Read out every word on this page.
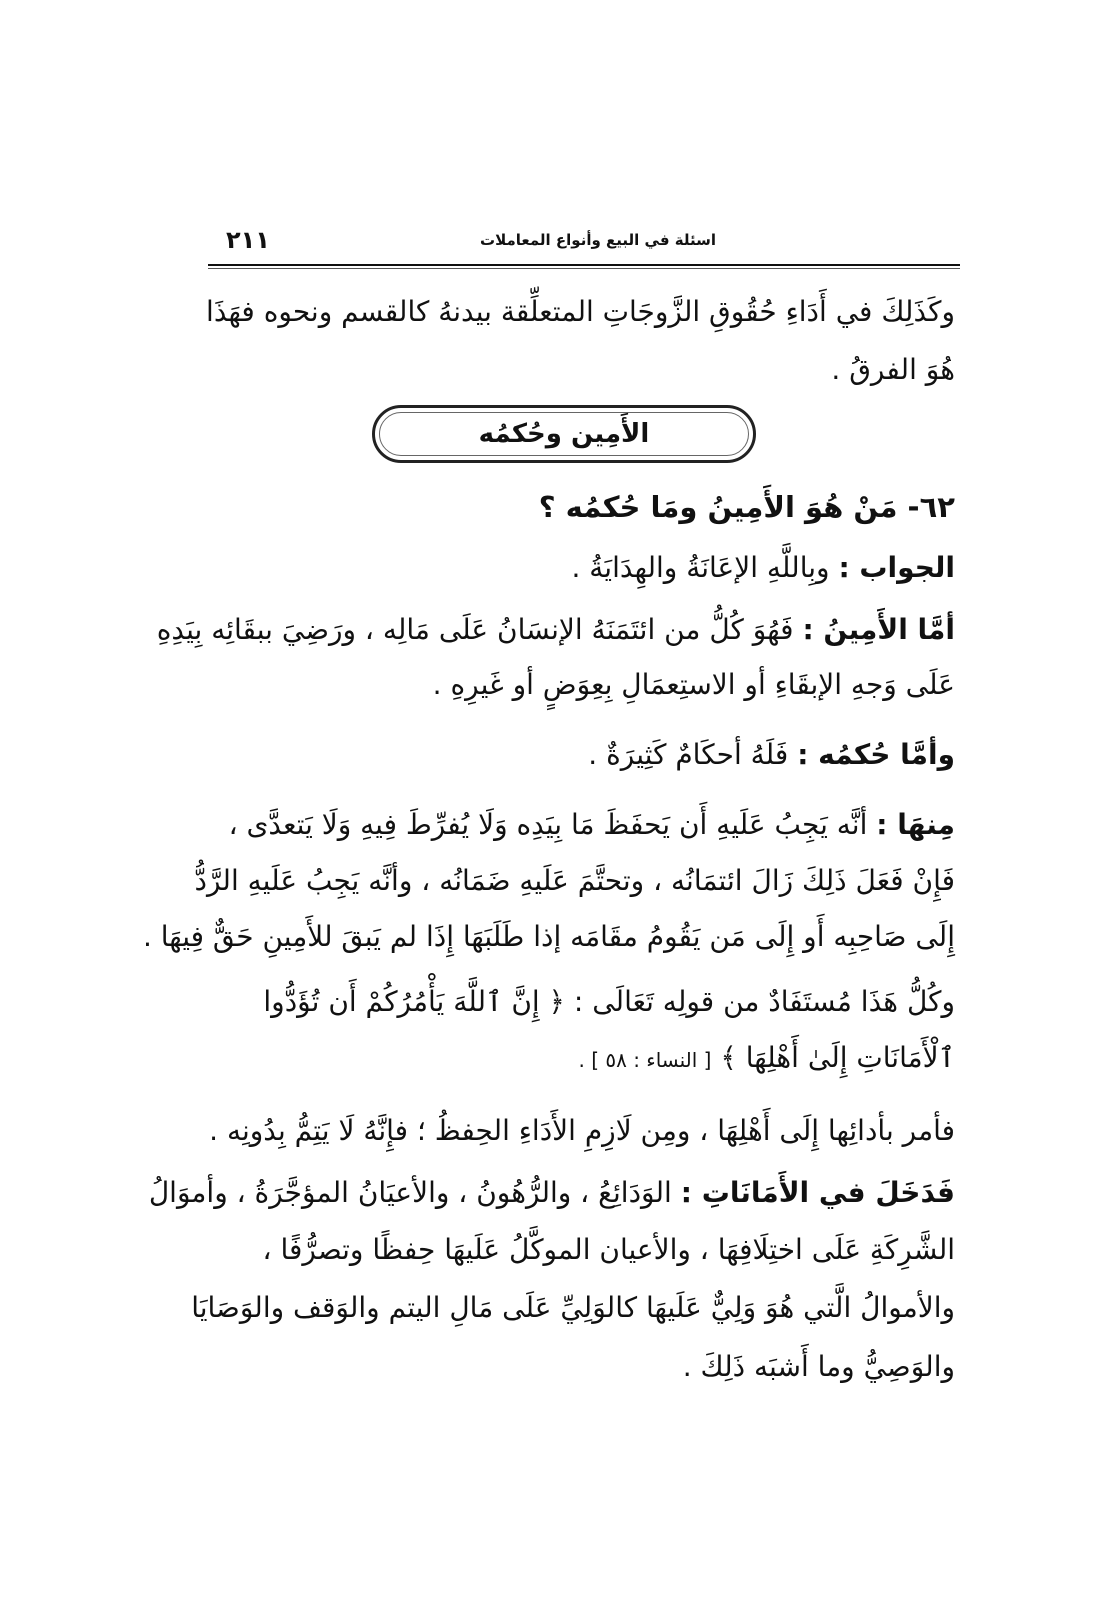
٢١١	اسئلة في البيع وأنواع المعاملات
وكَذَلِكَ في أَدَاءِ حُقُوقِ الزَّوجَاتِ المتعلِّقة بيدنهُ كالقسم ونحوه فهَذَا
هُوَ الفرقُ .
الأَمِين وحُكمُه
٦٢- مَنْ هُوَ الأَمِينُ ومَا حُكمُه ؟
الجواب : وبِاللَّهِ الإعَانَةُ والهِدَايَةُ .
أمَّا الأَمِينُ : فَهُوَ كُلُّ من ائتَمَنَهُ الإنسَانُ عَلَى مَالِه ، ورَضِيَ ببقَائِه بِيَدِهِ
عَلَى وَجهِ الإبقَاءِ أو الاستِعمَالِ بِعِوَضٍ أو غَيرِهِ .
وأمَّا حُكمُه : فَلَهُ أحكَامٌ كَثِيرَةٌ .
مِنهَا : أنَّه يَجِبُ عَلَيهِ أَن يَحفَظَ مَا بِيَدِه وَلَا يُفرِّطَ فِيهِ وَلَا يَتعدَّى ،
فَإِنْ فَعَلَ ذَلِكَ زَالَ ائتمَانُه ، وتحتَّمَ عَلَيهِ ضَمَانُه ، وأنَّه يَجِبُ عَلَيهِ الرَّدُّ
إِلَى صَاحِبِه أَو إِلَى مَن يَقُومُ مقَامَه إذا طَلَبَهَا إِذَا لم يَبقَ للأَمِينِ حَقٌّ فِيهَا .
وكُلُّ هَذَا مُستَفَادٌ من قولِه تَعَالَى : ﴿ إِنَّ ٱللَّهَ يَأْمُرُكُمْ أَن تُؤَدُّوا
ٱلْأَمَانَاتِ إِلَىٰ أَهْلِهَا ﴾ [ النساء : ٥٨ ] .
فأمر بأدائِها إِلَى أَهْلِهَا ، ومِن لَازِمِ الأَدَاءِ الحِفظُ ؛ فإِنَّهُ لَا يَتِمُّ بِدُونِه .
فَدَخَلَ في الأَمَانَاتِ : الوَدَائِعُ ، والرُّهُونُ ، والأعيَانُ المؤجَّرَةُ ، وأموَالُ
الشَّرِكَةِ عَلَى اختِلَافِهَا ، والأعيان الموكَّلُ عَلَيهَا حِفظًا وتصرُّفًا ،
والأموالُ الَّتي هُوَ وَلِيٌّ عَلَيهَا كالوَلِيِّ عَلَى مَالِ اليتم والوَقف والوَصَايَا
والوَصِيُّ وما أَشبَه ذَلِكَ .
